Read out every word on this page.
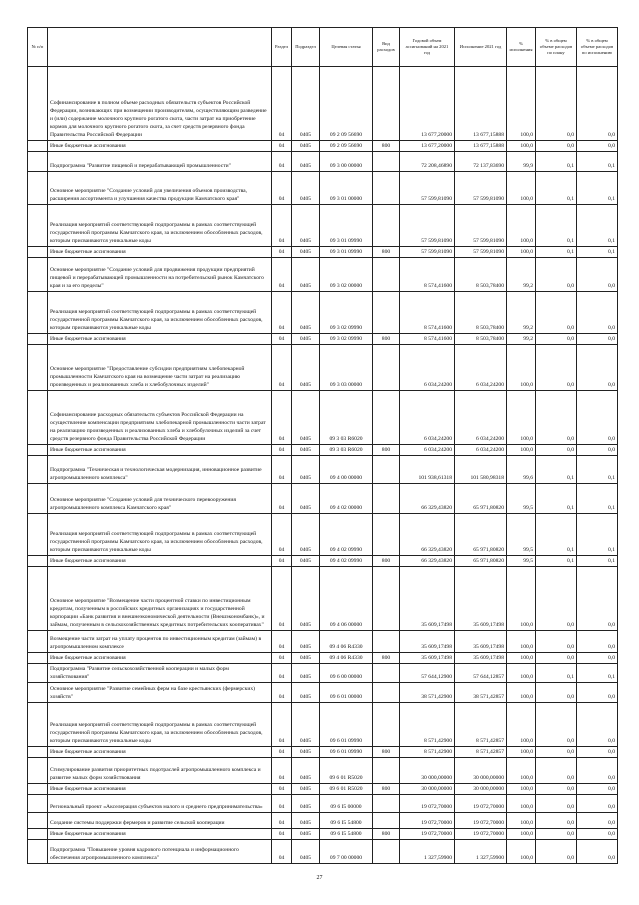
№ п/п		Раздел	Подраздел	Целевая статья	Вид расходов	Годовой объем ассигнований на 2021 год	Исполнение 2021 год	% исполнения	% в общем объеме расходов по плану	% в общем объеме расходов по исполнению
	Софинансирование в полном объеме расходных обязательств субъектов Российской Федерации, возникающих при возмещении производителям, осуществляющим разведение и (или) содержание молочного крупного рогатого скота, части затрат на приобретение кормов для молочного крупного рогатого скота, за счет средств резервного фонда Правительства Российской Федерации	04	0405	09 2 09 56690		13 677,20000	13 677,15888	100,0	0,0	0,0
	Иные бюджетные ассигнования	04	0405	09 2 09 56690	800	13 677,20000	13 677,15888	100,0	0,0	0,0
	Подпрограмма "Развитие пищевой и перерабатывающей промышленности"	04	0405	09 3 00 00000		72 208,46890	72 137,83690	99,9	0,1	0,1
	Основное мероприятие "Создание условий для увеличения объемов производства, расширения ассортимента и улучшения качества продукции Камчатского края"	04	0405	09 3 01 00000		57 599,81090	57 599,81090	100,0	0,1	0,1
	Реализация мероприятий соответствующей подпрограммы в рамках соответствующей государственной программы Камчатского края, за исключением обособленных расходов, которым присваиваются уникальные коды	04	0405	09 3 01 09990		57 599,81090	57 599,81090	100,0	0,1	0,1
	Иные бюджетные ассигнования	04	0405	09 3 01 09990	800	57 599,81090	57 599,81090	100,0	0,1	0,1
	Основное мероприятие "Создание условий для продвижения продукции предприятий пищевой и перерабатывающей промышленности на потребительский рынок Камчатского края и за его пределы"	04	0405	09 3 02 00000		8 574,41600	8 503,78400	99,2	0,0	0,0
	Реализация мероприятий соответствующей подпрограммы в рамках соответствующей государственной программы Камчатского края, за исключением обособленных расходов, которым присваиваются уникальные коды	04	0405	09 3 02 09990		8 574,41600	8 503,78400	99,2	0,0	0,0
	Иные бюджетные ассигнования	04	0405	09 3 02 09990	800	8 574,41600	8 503,78400	99,2	0,0	0,0
	Основное мероприятие "Предоставление субсидии предприятиям хлебопекарной промышленности Камчатского края на возмещение части затрат на реализацию произведенных и реализованных хлеба и хлебобулочных изделий"	04	0405	09 3 03 00000		6 034,24200	6 034,24200	100,0	0,0	0,0
	Софинансирование расходных обязательств субъектов Российской Федерации на осуществление компенсации предприятиям хлебопекарной промышленности части затрат на реализацию произведенных и реализованных хлеба и хлебобулочных изделий за счет средств резервного фонда Правительства Российской Федерации	04	0405	09 3 03 R6020		6 034,24200	6 034,24200	100,0	0,0	0,0
	Иные бюджетные ассигнования	04	0405	09 3 03 R6020	800	6 034,24200	6 034,24200	100,0	0,0	0,0
	Подпрограмма "Техническая и технологическая модернизация, инновационное развитие агропромышленного комплекса"	04	0405	09 4 00 00000		101 938,61318	101 580,98318	99,6	0,1	0,1
	Основное мероприятие "Создание условий для технического перевооружения агропромышленного комплекса Камчатского края"	04	0405	09 4 02 00000		66 329,43820	65 971,80820	99,5	0,1	0,1
	Реализация мероприятий соответствующей подпрограммы в рамках соответствующей государственной программы Камчатского края, за исключением обособленных расходов, которым присваиваются уникальные коды	04	0405	09 4 02 09990		66 329,43820	65 971,80820	99,5	0,1	0,1
	Иные бюджетные ассигнования	04	0405	09 4 02 09990	800	66 329,43820	65 971,80820	99,5	0,1	0,1
	Основное мероприятие "Возмещение части процентной ставки по инвестиционным кредитам, полученным в российских кредитных организациях и государственной корпорации «Банк развития и внешнеэкономической деятельности (Внешэкономбанк)», и займам, полученным в сельскохозяйственных кредитных потребительских кооперативах"	04	0405	09 4 06 00000		35 609,17498	35 609,17498	100,0	0,0	0,0
	Возмещение части затрат на уплату процентов по инвестиционным кредитам (займам) в агропромышленном комплексе	04	0405	09 4 06 R4330		35 609,17498	35 609,17498	100,0	0,0	0,0
	Иные бюджетные ассигнования	04	0405	09 4 06 R4330	800	35 609,17498	35 609,17498	100,0	0,0	0,0
	Подпрограмма "Развитие сельскохозяйственной кооперации и малых форм хозяйствования"	04	0405	09 6 00 00000		57 644,12900	57 644,12857	100,0	0,1	0,1
	Основное мероприятие "Развитие семейных ферм на базе крестьянских (фермерских) хозяйств"	04	0405	09 6 01 00000		38 571,42900	38 571,42857	100,0	0,0	0,0
	Реализация мероприятий соответствующей подпрограммы в рамках соответствующей государственной программы Камчатского края, за исключением обособленных расходов, которым присваиваются уникальные коды	04	0405	09 6 01 09990		8 571,42900	8 571,42857	100,0	0,0	0,0
	Иные бюджетные ассигнования	04	0405	09 6 01 09990	800	8 571,42900	8 571,42857	100,0	0,0	0,0
	Стимулирование развития приоритетных подотраслей агропромышленного комплекса и развитие малых форм хозяйствования	04	0405	09 6 01 R5020		30 000,00000	30 000,00000	100,0	0,0	0,0
	Иные бюджетные ассигнования	04	0405	09 6 01 R5020	800	30 000,00000	30 000,00000	100,0	0,0	0,0
	Региональный проект «Акселерация субъектов малого и среднего предпринимательства»	04	0405	09 6 I5 00000		19 072,70000	19 072,70000	100,0	0,0	0,0
	Создание системы поддержки фермеров и развитие сельской кооперации	04	0405	09 6 I5 54800		19 072,70000	19 072,70000	100,0	0,0	0,0
	Иные бюджетные ассигнования	04	0405	09 6 I5 54800	800	19 072,70000	19 072,70000	100,0	0,0	0,0
	Подпрограмма "Повышение уровня кадрового потенциала и информационного обеспечения агропромышленного комплекса"	04	0405	09 7 00 00000		1 327,59900	1 327,59900	100,0	0,0	0,0
27
